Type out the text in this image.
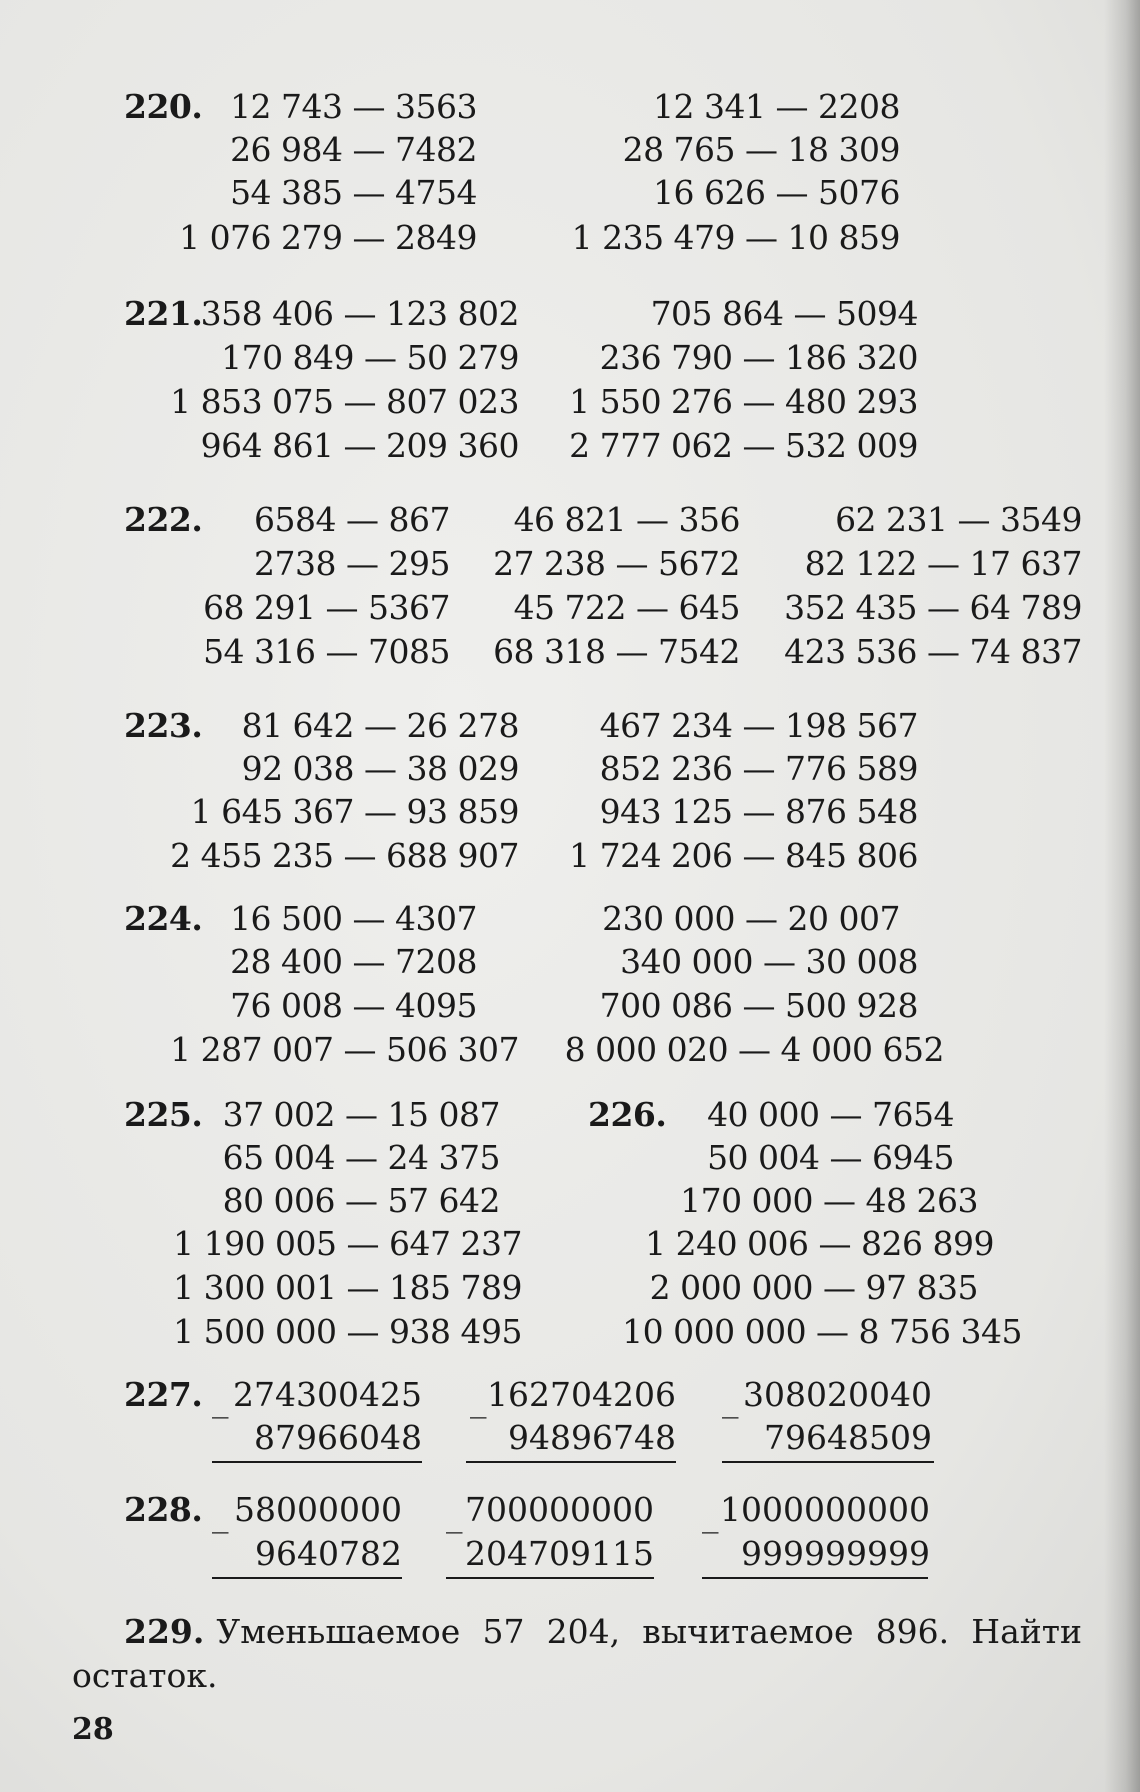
220. 12 743 — 3563
26 984 — 7482
54 385 — 4754
1 076 279 — 2849
12 341 — 2208
28 765 — 18 309
16 626 — 5076
1 235 479 — 10 859
221.
358 406 — 123 802
170 849 — 50 279
1 853 075 — 807 023
964 861 — 209 360
705 864 — 5094
236 790 — 186 320
1 550 276 — 480 293
2 777 062 — 532 009
222. 6584 — 867
2738 — 295
68 291 — 5367
54 316 — 7085
46 821 — 356
27 238 — 5672
45 722 — 645
68 318 — 7542
62 231 — 3549
82 122 — 17 637
352 435 — 64 789
423 536 — 74 837
223. 81 642 — 26 278
92 038 — 38 029
1 645 367 — 93 859
2 455 235 — 688 907
467 234 — 198 567
852 236 — 776 589
943 125 — 876 548
1 724 206 — 845 806
224. 16 500 — 4307
28 400 — 7208
76 008 — 4095
1 287 007 — 506 307
230 000 — 20 007
340 000 — 30 008
700 086 — 500 928
8 000 020 — 4 000 652
225. 37 002 — 15 087
65 004 — 24 375
80 006 — 57 642
1 190 005 — 647 237
1 300 001 — 185 789
1 500 000 — 938 495
226. 40 000 — 7654
50 004 — 6945
170 000 — 48 263
1 240 006 — 826 899
2 000 000 — 97 835
10 000 000 — 8 756 345
227. _ 274300425
87966048
_ 162704206
94896748
_ 308020040
79648509
228. _ 58000000
9640782
_ 700000000
204709115
_ 1000000000
999999999
229. Уменьшаемое 57 204, вычитаемое 896. Найти остаток.
28
